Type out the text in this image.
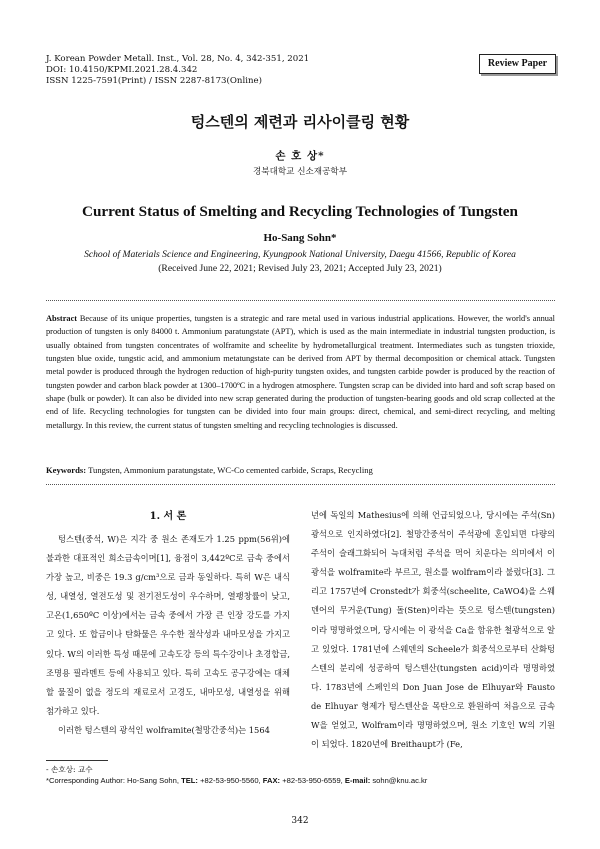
J. Korean Powder Metall. Inst., Vol. 28, No. 4, 342-351, 2021
DOI: 10.4150/KPMI.2021.28.4.342
ISSN 1225-7591(Print) / ISSN 2287-8173(Online)
Review Paper
텅스텐의 제련과 리사이클링 현황
손 호 상*
경북대학교 신소재공학부
Current Status of Smelting and Recycling Technologies of Tungsten
Ho-Sang Sohn*
School of Materials Science and Engineering, Kyungpook National University, Daegu 41566, Republic of Korea
(Received June 22, 2021; Revised July 23, 2021; Accepted July 23, 2021)
Abstract Because of its unique properties, tungsten is a strategic and rare metal used in various industrial applications. However, the world's annual production of tungsten is only 84000 t. Ammonium paratungstate (APT), which is used as the main intermediate in industrial tungsten production, is usually obtained from tungsten concentrates of wolframite and scheelite by hydrometallurgical treatment. Intermediates such as tungsten trioxide, tungsten blue oxide, tungstic acid, and ammonium metatungstate can be derived from APT by thermal decomposition or chemical attack. Tungsten metal powder is produced through the hydrogen reduction of high-purity tungsten oxides, and tungsten carbide powder is produced by the reaction of tungsten powder and carbon black powder at 1300–1700ºC in a hydrogen atmosphere. Tungsten scrap can be divided into hard and soft scrap based on shape (bulk or powder). It can also be divided into new scrap generated during the production of tungsten-bearing goods and old scrap collected at the end of life. Recycling technologies for tungsten can be divided into four main groups: direct, chemical, and semi-direct recycling, and melting metallurgy. In this review, the current status of tungsten smelting and recycling technologies is discussed.
Keywords: Tungsten, Ammonium paratungstate, WC-Co cemented carbide, Scraps, Recycling
1. 서 론

텅스텐(중석, W)은 지각 중 원소 존재도가 1.25 ppm(56위)에 불과한 대표적인 희소금속이며[1], 융점이 3,442ºC로 금속 중에서 가장 높고, 비중은 19.3 g/cm³으로 금과 동일하다. 특히 W은 내식성, 내열성, 열전도성 및 전기전도성이 우수하며, 열팽창률이 낮고, 고온(1,650ºC 이상)에서는 금속 중에서 가장 큰 인장 강도를 가지고 있다. 또 합금이나 탄화물은 우수한 절삭성과 내마모성을 가지고 있다. W의 이러한 특성 때문에 고속도강 등의 특수강이나 초경합금, 조명용 필라멘트 등에 사용되고 있다. 특히 고속도 공구강에는 대체할 물질이 없을 정도의 재료로서 고경도, 내마모성, 내열성을 위해 첨가하고 있다.

이러한 텅스텐의 광석인 wolframite(철망간중석)는 1564

년에 독일의 Mathesius에 의해 언급되었으나, 당시에는 주석(Sn) 광석으로 인지하였다[2]. 철망간중석이 주석광에 혼입되면 다량의 주석이 슬래그화되어 늑대처럼 주석을 먹어 치운다는 의미에서 이 광석을 wolframite라 부르고, 원소를 wolfram이라 불렀다[3]. 그리고 1757년에 Cronstedt가 회중석(scheelite, CaWO4)을 스웨덴어의 무거운(Tung) 돌(Sten)이라는 뜻으로 텅스텐(tungsten)이라 명명하였으며, 당시에는 이 광석을 Ca을 함유한 철광석으로 알고 있었다. 1781년에 스웨덴의 Scheele가 회중석으로부터 산화텅스텐의 분리에 성공하여 텅스텐산(tungsten acid)이라 명명하였다. 1783년에 스페인의 Don Juan Jose de Elhuyar와 Fausto de Elhuyar 형제가 텅스텐산을 목탄으로 환원하여 처음으로 금속 W을 얻었고, Wolfram이라 명명하였으며, 원소 기호인 W의 기원이 되었다. 1820년에 Breithaupt가 (Fe,

- 손호상: 교수
*Corresponding Author: Ho-Sang Sohn, TEL: +82-53-950-5560, FAX: +82-53-950-6559, E-mail: sohn@knu.ac.kr
342
